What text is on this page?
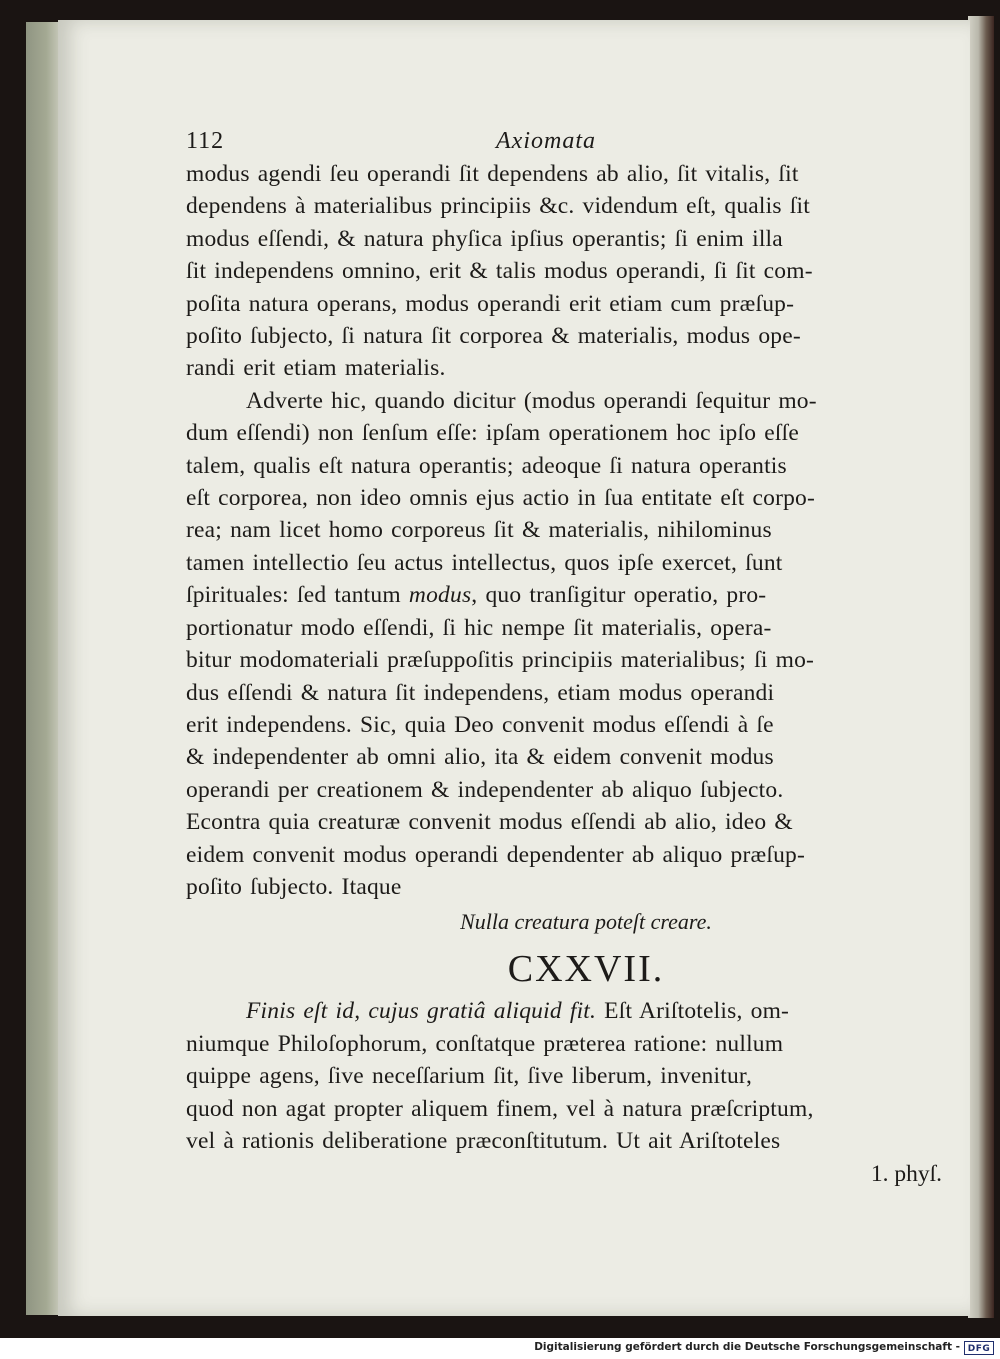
112	Axiomata
modus agendi ſeu operandi ſit dependens ab alio, ſit vitalis, ſit
dependens à materialibus principiis &c. videndum eſt, qualis ſit
modus eſſendi, & natura phyſica ipſius operantis; ſi enim illa
ſit independens omnino, erit & talis modus operandi, ſi ſit com-
poſita natura operans, modus operandi erit etiam cum præſup-
poſito ſubjecto, ſi natura ſit corporea & materialis, modus ope-
randi erit etiam materialis.
Adverte hic, quando dicitur (modus operandi ſequitur mo-
dum eſſendi) non ſenſum eſſe: ipſam operationem hoc ipſo eſſe
talem, qualis eſt natura operantis; adeoque ſi natura operantis
eſt corporea, non ideo omnis ejus actio in ſua entitate eſt corpo-
rea; nam licet homo corporeus ſit & materialis, nihilominus
tamen intellectio ſeu actus intellectus, quos ipſe exercet, ſunt
ſpirituales: ſed tantum modus, quo tranſigitur operatio, pro-
portionatur modo eſſendi, ſi hic nempe ſit materialis, opera-
bitur modomateriali præſuppoſitis principiis materialibus; ſi mo-
dus eſſendi & natura ſit independens, etiam modus operandi
erit independens. Sic, quia Deo convenit modus eſſendi à ſe
& independenter ab omni alio, ita & eidem convenit modus
operandi per creationem & independenter ab aliquo ſubjecto.
Econtra quia creaturæ convenit modus eſſendi ab alio, ideo &
eidem convenit modus operandi dependenter ab aliquo præſup-
poſito ſubjecto. Itaque
Nulla creatura poteſt creare.
CXXVII.
Finis eſt id, cujus gratiâ aliquid fit. Eſt Ariſtotelis, om-
niumque Philoſophorum, conſtatque præterea ratione: nullum
quippe agens, ſive neceſſarium ſit, ſive liberum, invenitur,
quod non agat propter aliquem finem, vel à natura præſcriptum,
vel à rationis deliberatione præconſtitutum. Ut ait Ariſtoteles
1. phyſ.
Digitalisierung gefördert durch die Deutsche Forschungsgemeinschaft - DFG
